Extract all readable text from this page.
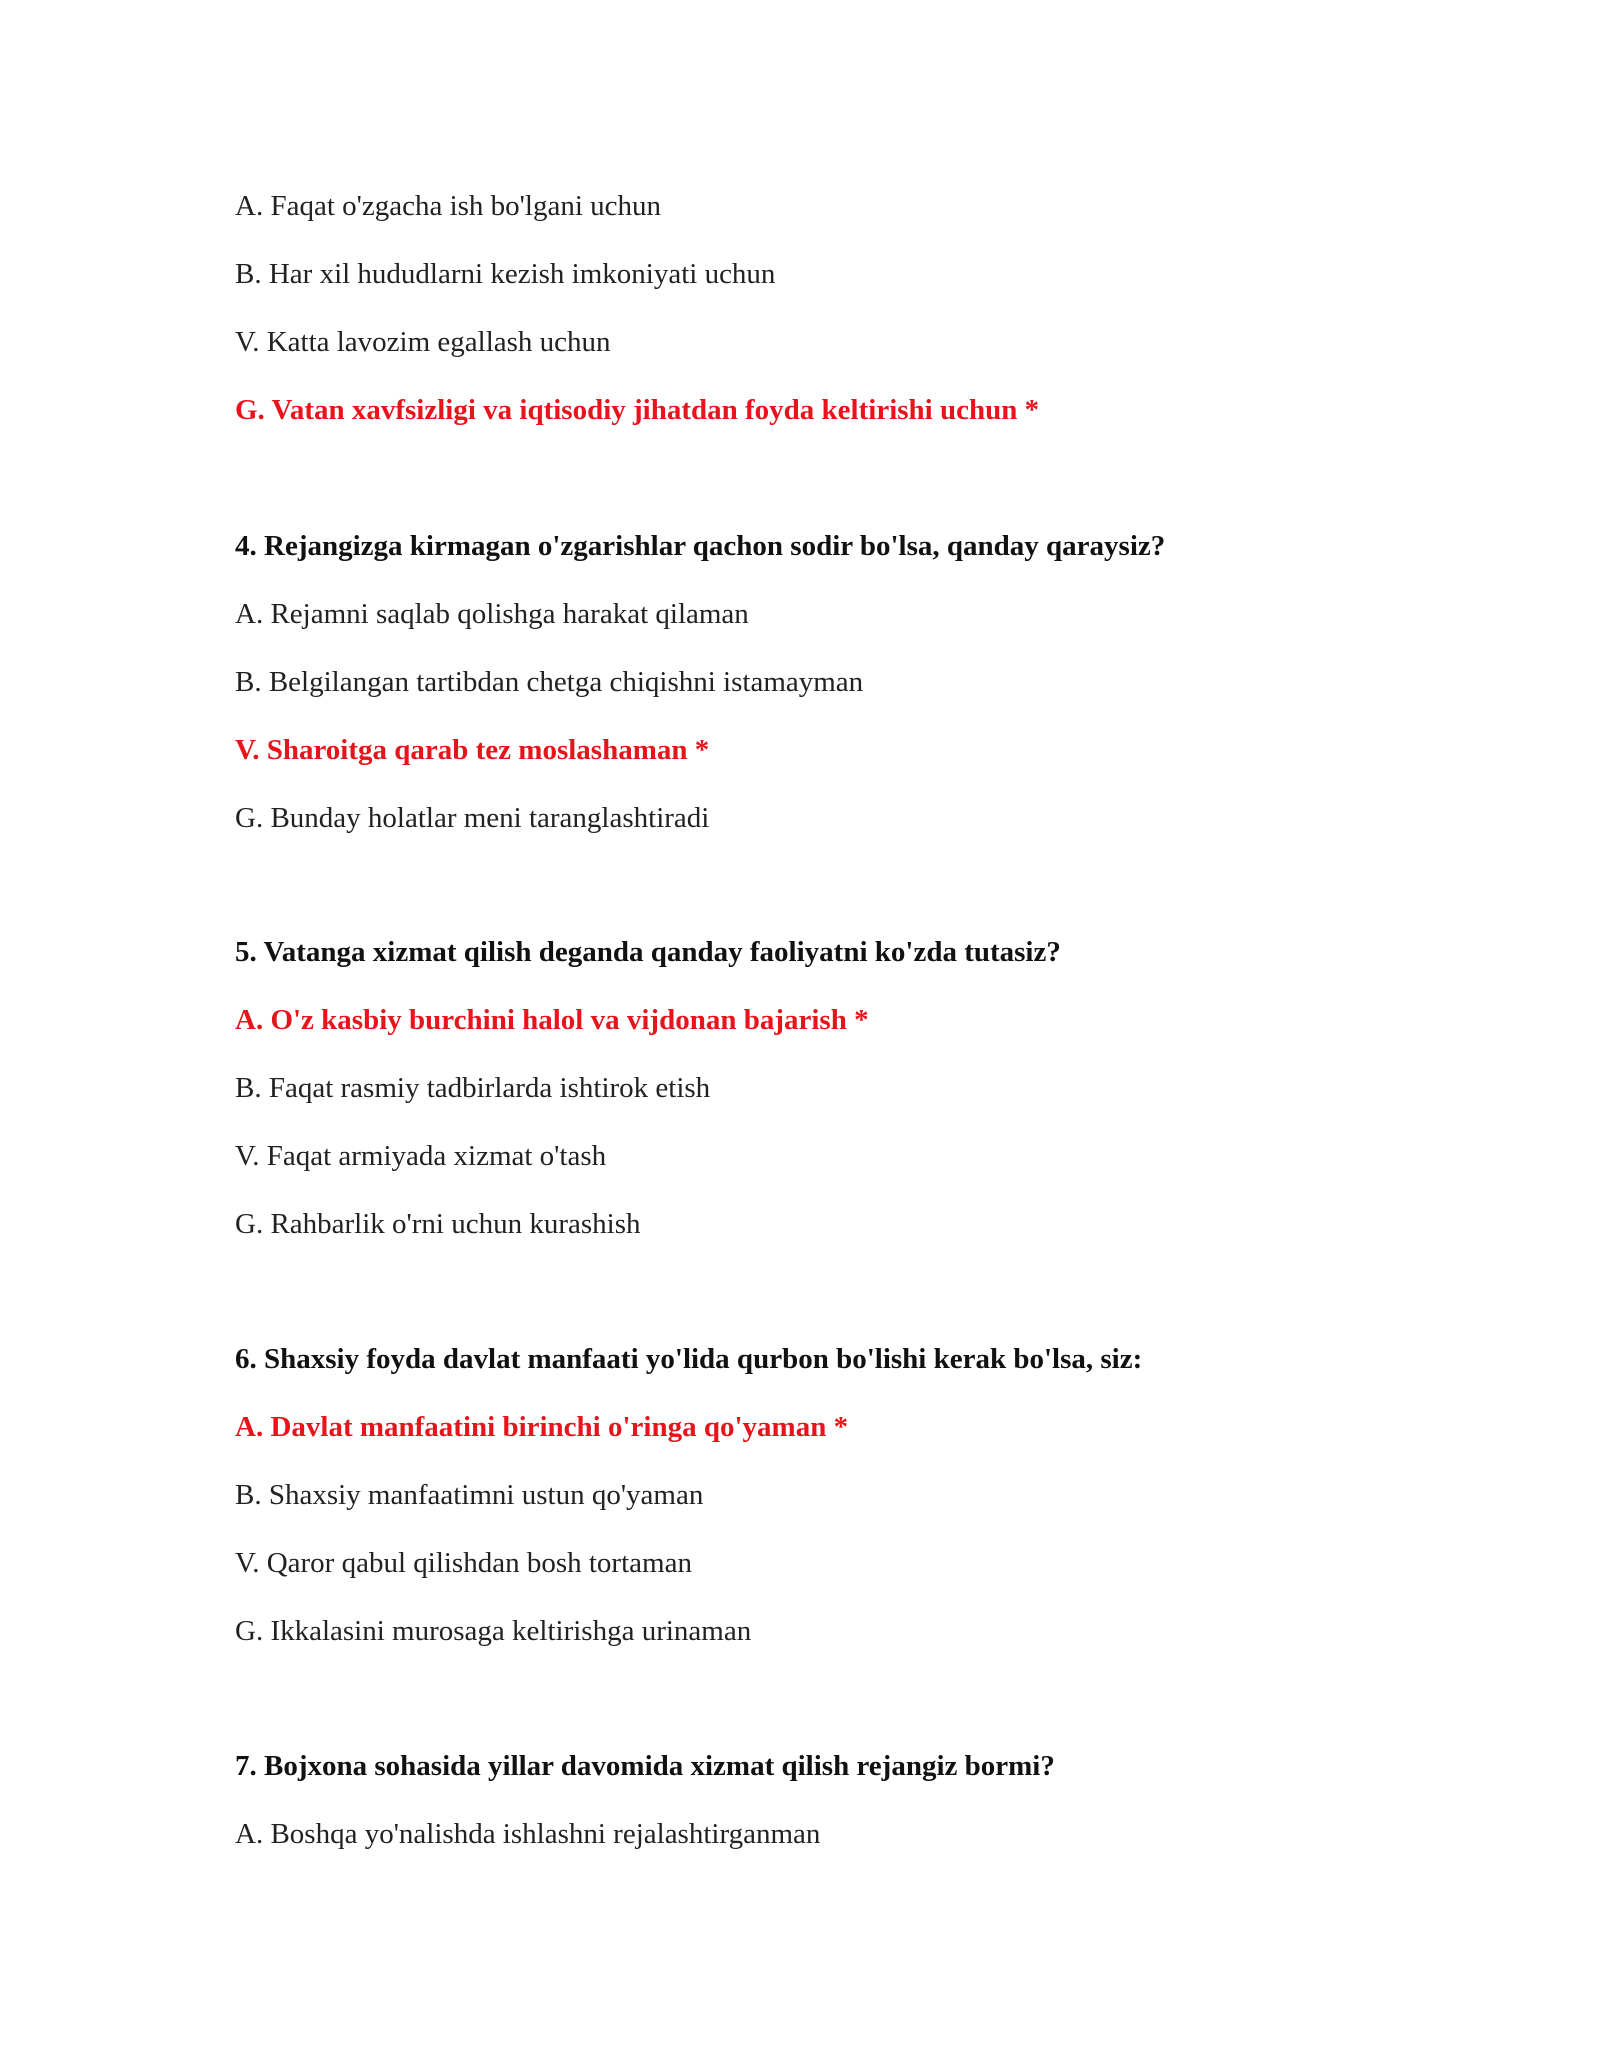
A. Faqat o'zgacha ish bo'lgani uchun
B. Har xil hududlarni kezish imkoniyati uchun
V. Katta lavozim egallash uchun
G. Vatan xavfsizligi va iqtisodiy jihatdan foyda keltirishi uchun *
4. Rejangizga kirmagan o'zgarishlar qachon sodir bo'lsa, qanday qaraysiz?
A. Rejamni saqlab qolishga harakat qilaman
B. Belgilangan tartibdan chetga chiqishni istamayman
V. Sharoitga qarab tez moslashaman *
G. Bunday holatlar meni taranglashtiradi
5. Vatanga xizmat qilish deganda qanday faoliyatni ko'zda tutasiz?
A. O'z kasbiy burchini halol va vijdonan bajarish *
B. Faqat rasmiy tadbirlarda ishtirok etish
V. Faqat armiyada xizmat o'tash
G. Rahbarlik o'rni uchun kurashish
6. Shaxsiy foyda davlat manfaati yo'lida qurbon bo'lishi kerak bo'lsa, siz:
A. Davlat manfaatini birinchi o'ringa qo'yaman *
B. Shaxsiy manfaatimni ustun qo'yaman
V. Qaror qabul qilishdan bosh tortaman
G. Ikkalasini murosaga keltirishga urinaman
7. Bojxona sohasida yillar davomida xizmat qilish rejangiz bormi?
A. Boshqa yo'nalishda ishlashni rejalashtirganman
